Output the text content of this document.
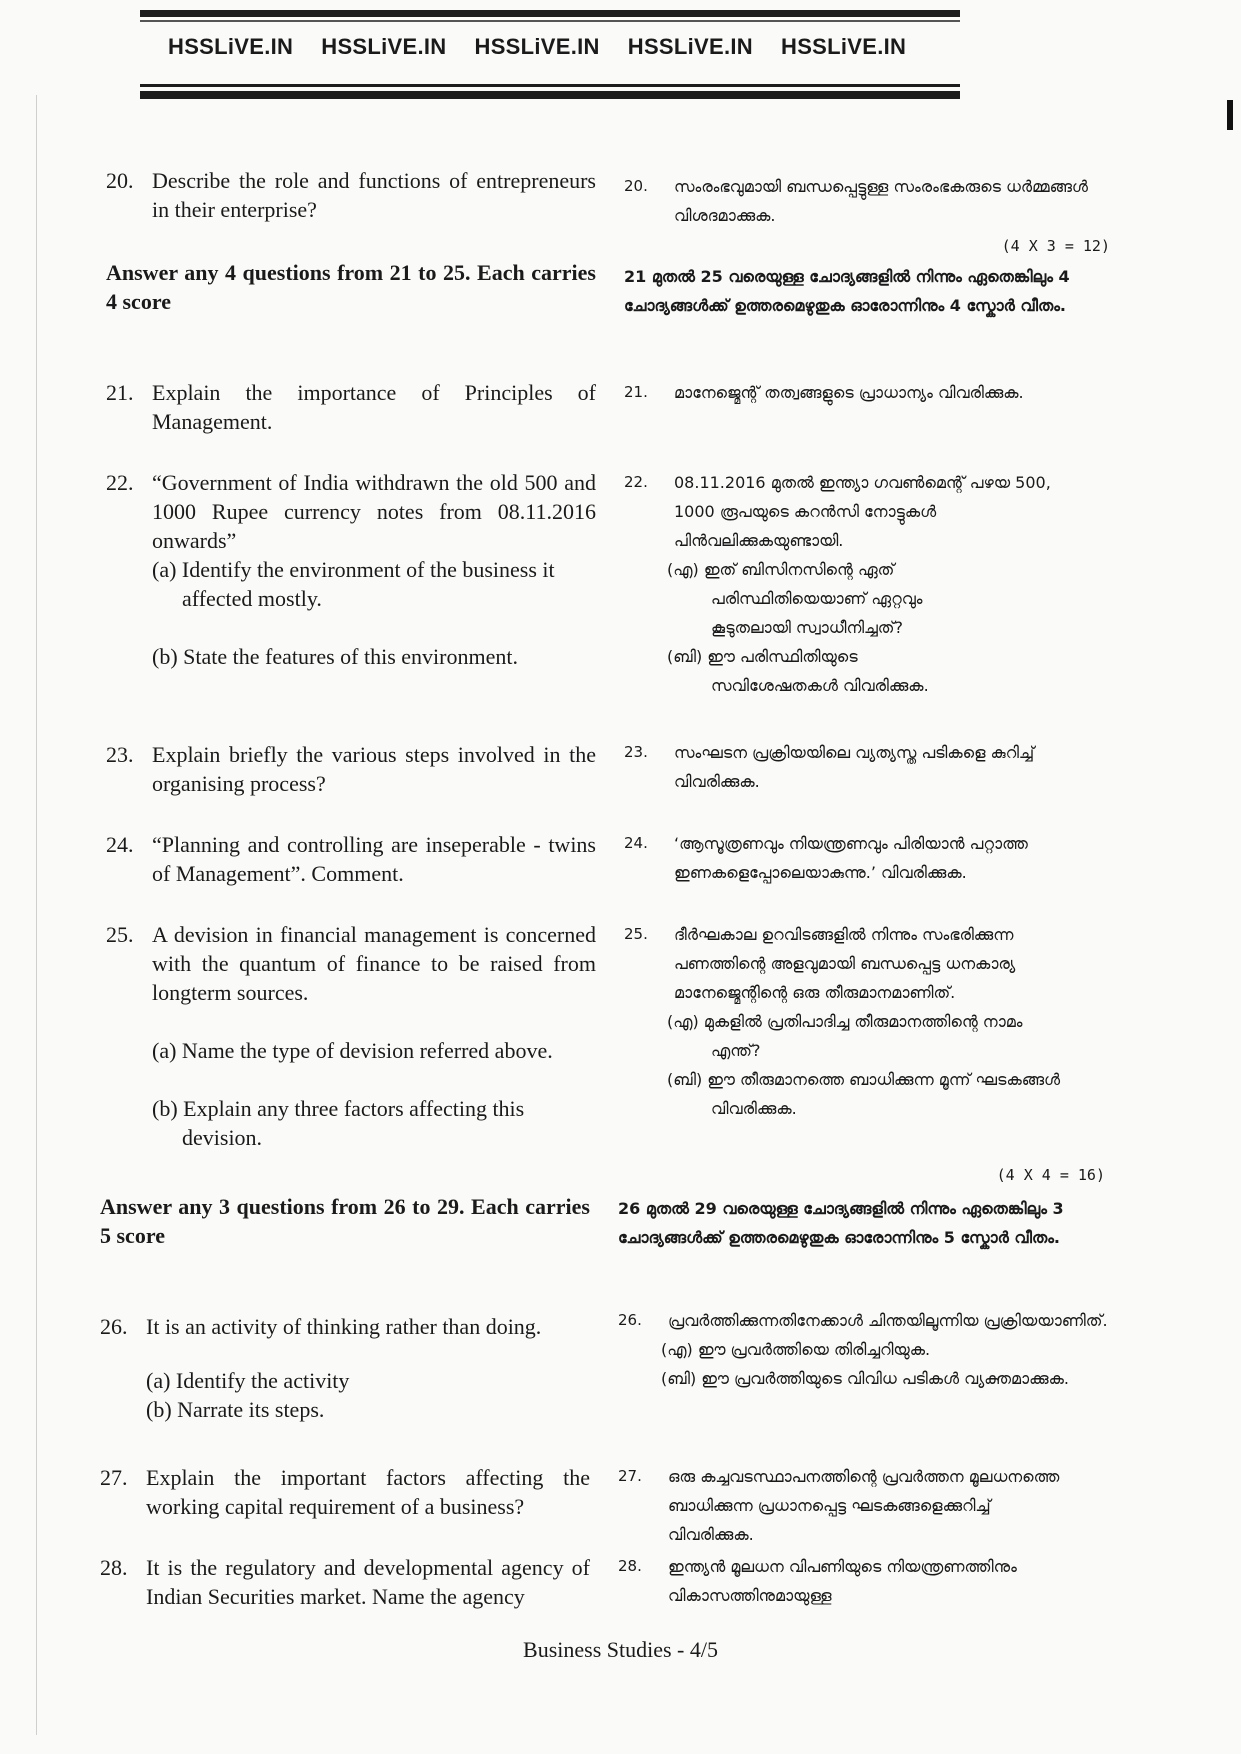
HSSLiVE.IN HSSLiVE.IN HSSLiVE.IN HSSLiVE.IN HSSLiVE.IN
20. Describe the role and functions of entrepreneurs in their enterprise?
20.	സംരംഭവുമായി ബന്ധപ്പെട്ടുള്ള സംരംഭകരുടെ ധർമ്മങ്ങൾ വിശദമാക്കുക.
(4 X 3 = 12)
Answer any 4 questions from 21 to 25. Each carries 4 score
21 മുതൽ 25 വരെയുള്ള ചോദ്യങ്ങളിൽ നിന്നും ഏതെങ്കിലും 4 ചോദ്യങ്ങൾക്ക് ഉത്തരമെഴുതുക ഓരോന്നിനും 4 സ്കോർ വീതം.
21. Explain the importance of Principles of Management.
21.	മാനേജ്മെന്റ് തത്വങ്ങളുടെ പ്രാധാന്യം വിവരിക്കുക.
22. “Government of India withdrawn the old 500 and 1000 Rupee currency notes from 08.11.2016 onwards”
(a) Identify the environment of the business it affected mostly.
(b) State the features of this environment.
22.	08.11.2016 മുതൽ ഇന്ത്യാ ഗവൺമെന്റ് പഴയ 500, 1000 രൂപയുടെ കറൻസി നോട്ടുകൾ പിൻവലിക്കുകയുണ്ടായി.
(എ) ഇത് ബിസിനസിന്റെ ഏത് പരിസ്ഥിതിയെയാണ് ഏറ്റവും കൂടുതലായി സ്വാധീനിച്ചത്?
(ബി) ഈ പരിസ്ഥിതിയുടെ സവിശേഷതകൾ വിവരിക്കുക.
23. Explain briefly the various steps involved in the organising process?
23.	സംഘടന പ്രക്രിയയിലെ വ്യത്യസ്ത പടികളെ കുറിച്ച് വിവരിക്കുക.
24. “Planning and controlling are inseperable - twins of Management”. Comment.
24.	‘ആസൂത്രണവും നിയന്ത്രണവും പിരിയാൻ പറ്റാത്ത ഇണകളെപ്പോലെയാകുന്നു.’ വിവരിക്കുക.
25. A devision in financial management is concerned with the quantum of finance to be raised from longterm sources.
(a) Name the type of devision referred above.
(b) Explain any three factors affecting this devision.
25.	ദീർഘകാല ഉറവിടങ്ങളിൽ നിന്നും സംഭരിക്കുന്ന പണത്തിന്റെ അളവുമായി ബന്ധപ്പെട്ട ധനകാര്യ മാനേജ്മെന്റിന്റെ ഒരു തീരുമാനമാണിത്.
(എ) മുകളിൽ പ്രതിപാദിച്ച തീരുമാനത്തിന്റെ നാമം എന്ത്?
(ബി) ഈ തീരുമാനത്തെ ബാധിക്കുന്ന മൂന്ന് ഘടകങ്ങൾ വിവരിക്കുക.
(4 X 4 = 16)
Answer any 3 questions from 26 to 29. Each carries 5 score
26 മുതൽ 29 വരെയുള്ള ചോദ്യങ്ങളിൽ നിന്നും ഏതെങ്കിലും 3 ചോദ്യങ്ങൾക്ക് ഉത്തരമെഴുതുക ഓരോന്നിനും 5 സ്കോർ വീതം.
26. It is an activity of thinking rather than doing.
(a) Identify the activity
(b) Narrate its steps.
26.	പ്രവർത്തിക്കുന്നതിനേക്കാൾ ചിന്തയിലൂന്നിയ പ്രക്രിയയാണിത്.
(എ) ഈ പ്രവർത്തിയെ തിരിച്ചറിയുക.
(ബി) ഈ പ്രവർത്തിയുടെ വിവിധ പടികൾ വ്യക്തമാക്കുക.
27. Explain the important factors affecting the working capital requirement of a business?
27.	ഒരു കച്ചവടസ്ഥാപനത്തിന്റെ പ്രവർത്തന മൂലധനത്തെ ബാധിക്കുന്ന പ്രധാനപ്പെട്ട ഘടകങ്ങളെക്കുറിച്ച് വിവരിക്കുക.
28. It is the regulatory and developmental agency of Indian Securities market. Name the agency
28.	ഇന്ത്യൻ മൂലധന വിപണിയുടെ നിയന്ത്രണത്തിനും വികാസത്തിനുമായുള്ള
Business Studies - 4/5
